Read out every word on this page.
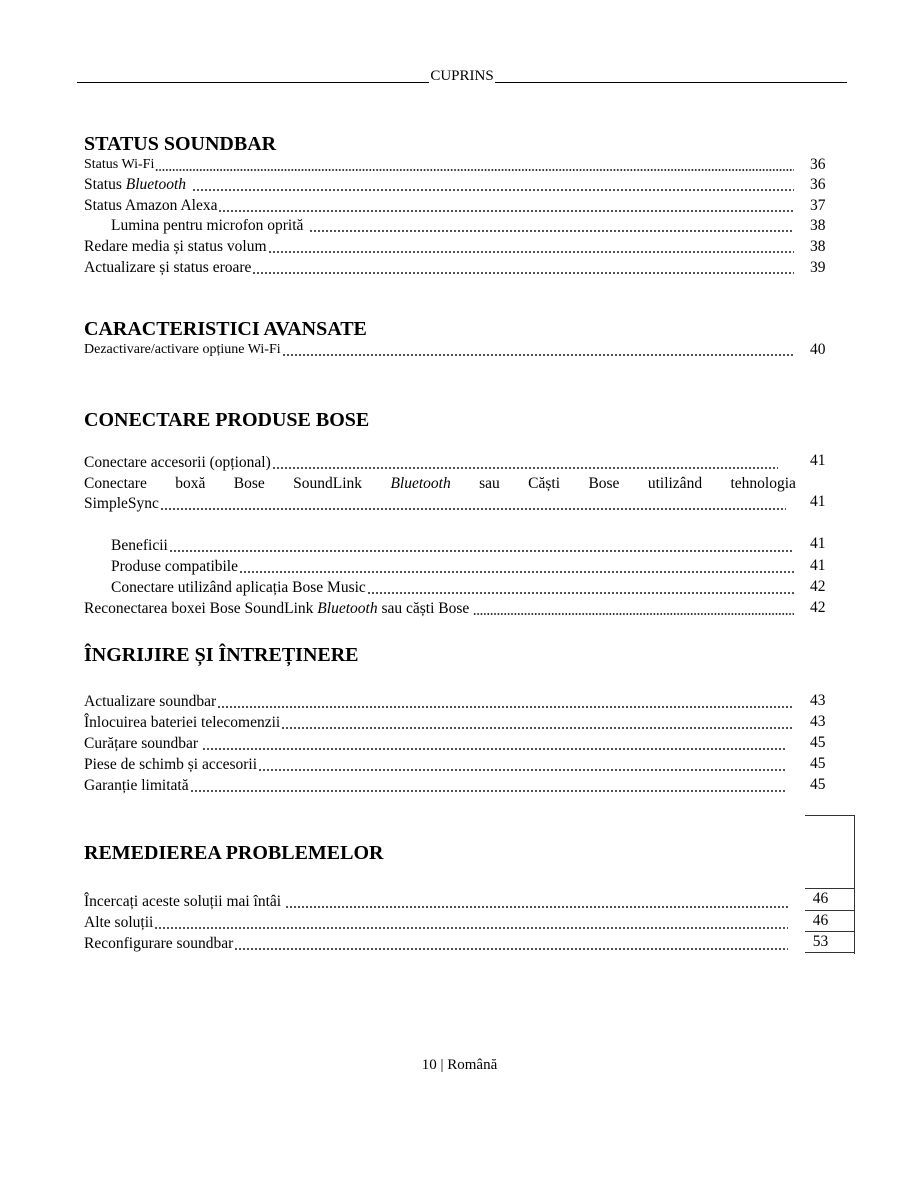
CUPRINS
STATUS SOUNDBAR
Status Wi-Fi	36
Status Bluetooth	36
Status Amazon Alexa	37
Lumina pentru microfon oprită	38
Redare media și status volum	38
Actualizare și status eroare	39
CARACTERISTICI AVANSATE
Dezactivare/activare opțiune Wi-Fi	40
CONECTARE PRODUSE BOSE
Conectare accesorii (opțional)	41
Conectare boxă Bose SoundLink Bluetooth sau Căști Bose utilizând tehnologia
SimpleSync	41
Beneficii	41
Produse compatibile	41
Conectare utilizând aplicația Bose Music	42
Reconectarea boxei Bose SoundLink Bluetooth sau căști Bose	42
ÎNGRIJIRE ȘI ÎNTREȚINERE
Actualizare soundbar	43
Înlocuirea bateriei telecomenzii	43
Curățare soundbar	45
Piese de schimb și accesorii	45
Garanție limitată	45
REMEDIEREA PROBLEMELOR
Încercați aceste soluții mai întâi	46
Alte soluții	46
Reconfigurare soundbar	53
10 | Română
